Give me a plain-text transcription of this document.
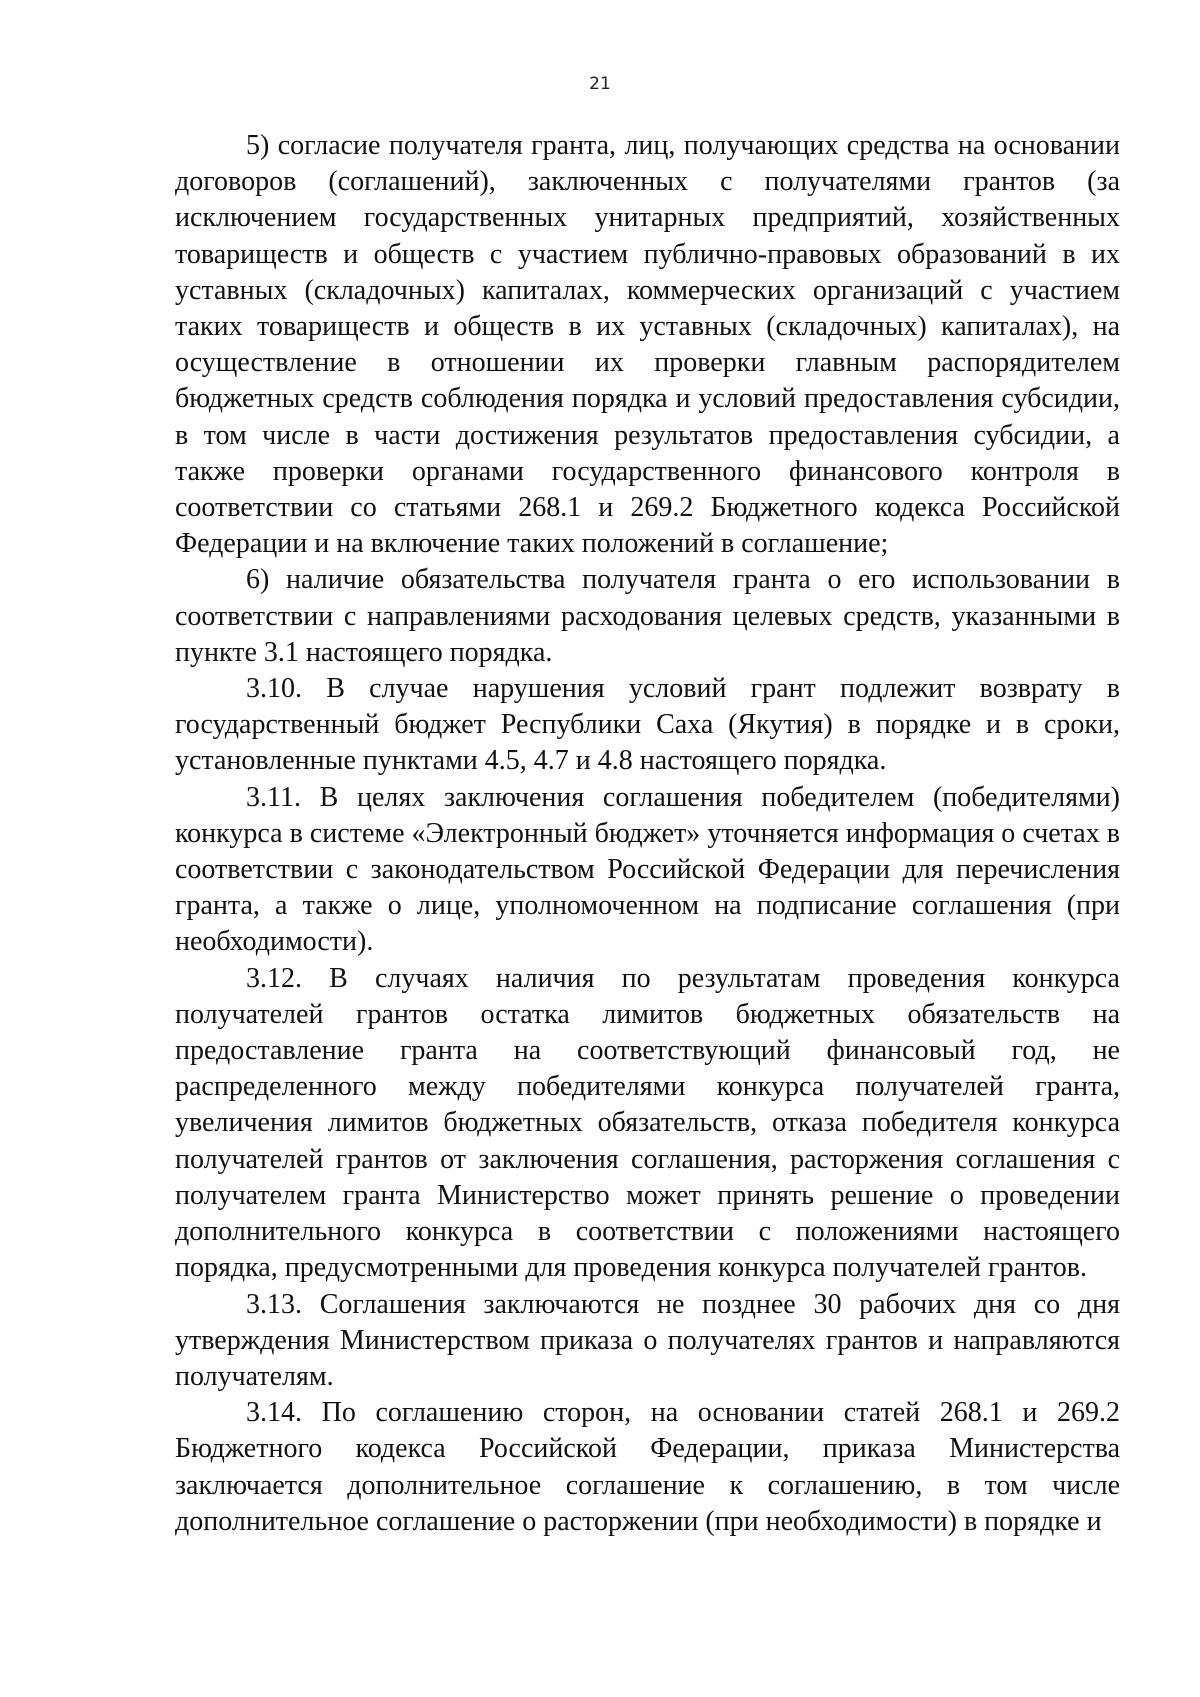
21

5) согласие получателя гранта, лиц, получающих средства на основании договоров (соглашений), заключенных с получателями грантов (за исключением государственных унитарных предприятий, хозяйственных товариществ и обществ с участием публично-правовых образований в их уставных (складочных) капиталах, коммерческих организаций с участием таких товариществ и обществ в их уставных (складочных) капиталах), на осуществление в отношении их проверки главным распорядителем бюджетных средств соблюдения порядка и условий предоставления субсидии, в том числе в части достижения результатов предоставления субсидии, а также проверки органами государственного финансового контроля в соответствии со статьями 268.1 и 269.2 Бюджетного кодекса Российской Федерации и на включение таких положений в соглашение;

6) наличие обязательства получателя гранта о его использовании в соответствии с направлениями расходования целевых средств, указанными в пункте 3.1 настоящего порядка.

3.10. В случае нарушения условий грант подлежит возврату в государственный бюджет Республики Саха (Якутия) в порядке и в сроки, установленные пунктами 4.5, 4.7 и 4.8 настоящего порядка.

3.11. В целях заключения соглашения победителем (победителями) конкурса в системе «Электронный бюджет» уточняется информация о счетах в соответствии с законодательством Российской Федерации для перечисления гранта, а также о лице, уполномоченном на подписание соглашения (при необходимости).

3.12. В случаях наличия по результатам проведения конкурса получателей грантов остатка лимитов бюджетных обязательств на предоставление гранта на соответствующий финансовый год, не распределенного между победителями конкурса получателей гранта, увеличения лимитов бюджетных обязательств, отказа победителя конкурса получателей грантов от заключения соглашения, расторжения соглашения с получателем гранта Министерство может принять решение о проведении дополнительного конкурса в соответствии с положениями настоящего порядка, предусмотренными для проведения конкурса получателей грантов.

3.13. Соглашения заключаются не позднее 30 рабочих дня со дня утверждения Министерством приказа о получателях грантов и направляются получателям.

3.14. По соглашению сторон, на основании статей 268.1 и 269.2 Бюджетного кодекса Российской Федерации, приказа Министерства заключается дополнительное соглашение к соглашению, в том числе дополнительное соглашение о расторжении (при необходимости) в порядке и
